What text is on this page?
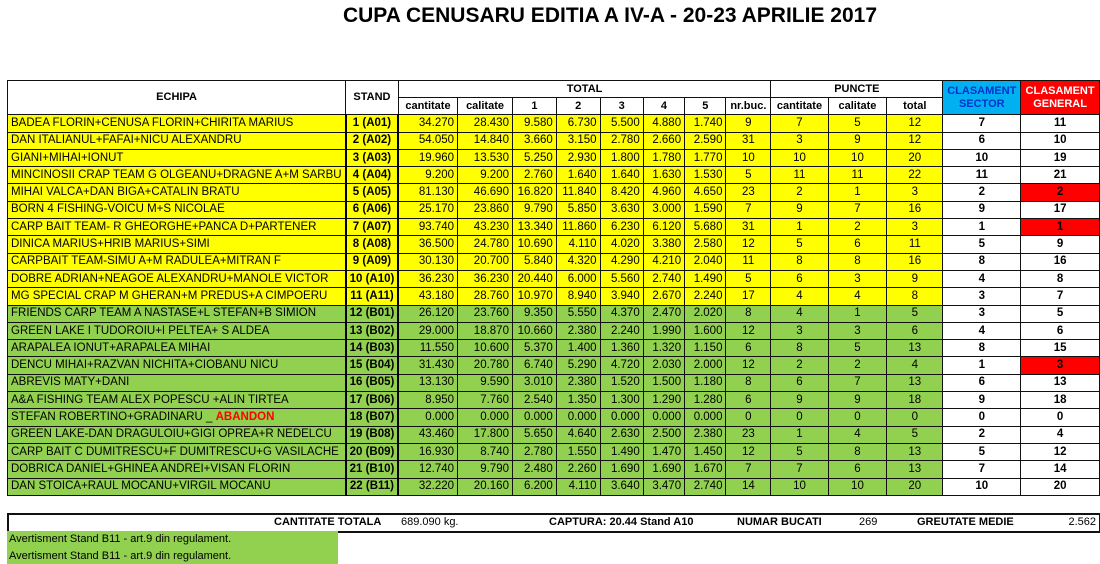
CUPA CENUSARU EDITIA A IV-A - 20-23 APRILIE 2017
ECHIPA	STAND	TOTAL								PUNCTE			CLASAMENT SECTOR	CLASAMENT GENERAL
		cantitate	calitate	1	2	3	4	5	nr.buc.	cantitate	calitate	total		
BADEA FLORIN+CENUSA FLORIN+CHIRITA MARIUS	1 (A01)	34.270	28.430	9.580	6.730	5.500	4.880	1.740	9	7	5	12	7	11
DAN ITALIANUL+FAFAI+NICU ALEXANDRU	2 (A02)	54.050	14.840	3.660	3.150	2.780	2.660	2.590	31	3	9	12	6	10
GIANI+MIHAI+IONUT	3 (A03)	19.960	13.530	5.250	2.930	1.800	1.780	1.770	10	10	10	20	10	19
MINCINOSII CRAP TEAM G OLGEANU+DRAGNE A+M SARBU	4 (A04)	9.200	9.200	2.760	1.640	1.640	1.630	1.530	5	11	11	22	11	21
MIHAI VALCA+DAN BIGA+CATALIN BRATU	5 (A05)	81.130	46.690	16.820	11.840	8.420	4.960	4.650	23	2	1	3	2	2
BORN 4 FISHING-VOICU M+S NICOLAE	6 (A06)	25.170	23.860	9.790	5.850	3.630	3.000	1.590	7	9	7	16	9	17
CARP BAIT TEAM- R GHEORGHE+PANCA D+PARTENER	7 (A07)	93.740	43.230	13.340	11.860	6.230	6.120	5.680	31	1	2	3	1	1
DINICA MARIUS+HRIB MARIUS+SIMI	8 (A08)	36.500	24.780	10.690	4.110	4.020	3.380	2.580	12	5	6	11	5	9
CARPBAIT TEAM-SIMU A+M RADULEA+MITRAN F	9 (A09)	30.130	20.700	5.840	4.320	4.290	4.210	2.040	11	8	8	16	8	16
DOBRE ADRIAN+NEAGOE ALEXANDRU+MANOLE VICTOR	10 (A10)	36.230	36.230	20.440	6.000	5.560	2.740	1.490	5	6	3	9	4	8
MG SPECIAL CRAP M GHERAN+M PREDUS+A CIMPOERU	11 (A11)	43.180	28.760	10.970	8.940	3.940	2.670	2.240	17	4	4	8	3	7
FRIENDS CARP TEAM A NASTASE+L STEFAN+B SIMION	12 (B01)	26.120	23.760	9.350	5.550	4.370	2.470	2.020	8	4	1	5	3	5
GREEN LAKE I TUDOROIU+I PELTEA+ S ALDEA	13 (B02)	29.000	18.870	10.660	2.380	2.240	1.990	1.600	12	3	3	6	4	6
ARAPALEA IONUT+ARAPALEA MIHAI	14 (B03)	11.550	10.600	5.370	1.400	1.360	1.320	1.150	6	8	5	13	8	15
DENCU MIHAI+RAZVAN NICHITA+CIOBANU NICU	15 (B04)	31.430	20.780	6.740	5.290	4.720	2.030	2.000	12	2	2	4	1	3
ABREVIS MATY+DANI	16 (B05)	13.130	9.590	3.010	2.380	1.520	1.500	1.180	8	6	7	13	6	13
A&A FISHING TEAM ALEX POPESCU +ALIN TIRTEA	17 (B06)	8.950	7.760	2.540	1.350	1.300	1.290	1.280	6	9	9	18	9	18
STEFAN ROBERTINO+GRADINARU _ ABANDON	18 (B07)	0.000	0.000	0.000	0.000	0.000	0.000	0.000	0	0	0	0	0	0
GREEN LAKE-DAN DRAGULOIU+GIGI OPREA+R NEDELCU	19 (B08)	43.460	17.800	5.650	4.640	2.630	2.500	2.380	23	1	4	5	2	4
CARP BAIT C DUMITRESCU+F DUMITRESCU+G VASILACHE	20 (B09)	16.930	8.740	2.780	1.550	1.490	1.470	1.450	12	5	8	13	5	12
DOBRICA DANIEL+GHINEA ANDREI+VISAN FLORIN	21 (B10)	12.740	9.790	2.480	2.260	1.690	1.690	1.670	7	7	6	13	7	14
DAN STOICA+RAUL MOCANU+VIRGIL MOCANU	22 (B11)	32.220	20.160	6.200	4.110	3.640	3.470	2.740	14	10	10	20	10	20
CANTITATE TOTALA 689.090 kg.	CAPTURA: 20.44 Stand A10	NUMAR BUCATI	269	GREUTATE MEDIE	2.562
Avertisment Stand B11 - art.9 din regulament.
Avertisment Stand B11 - art.9 din regulament.
